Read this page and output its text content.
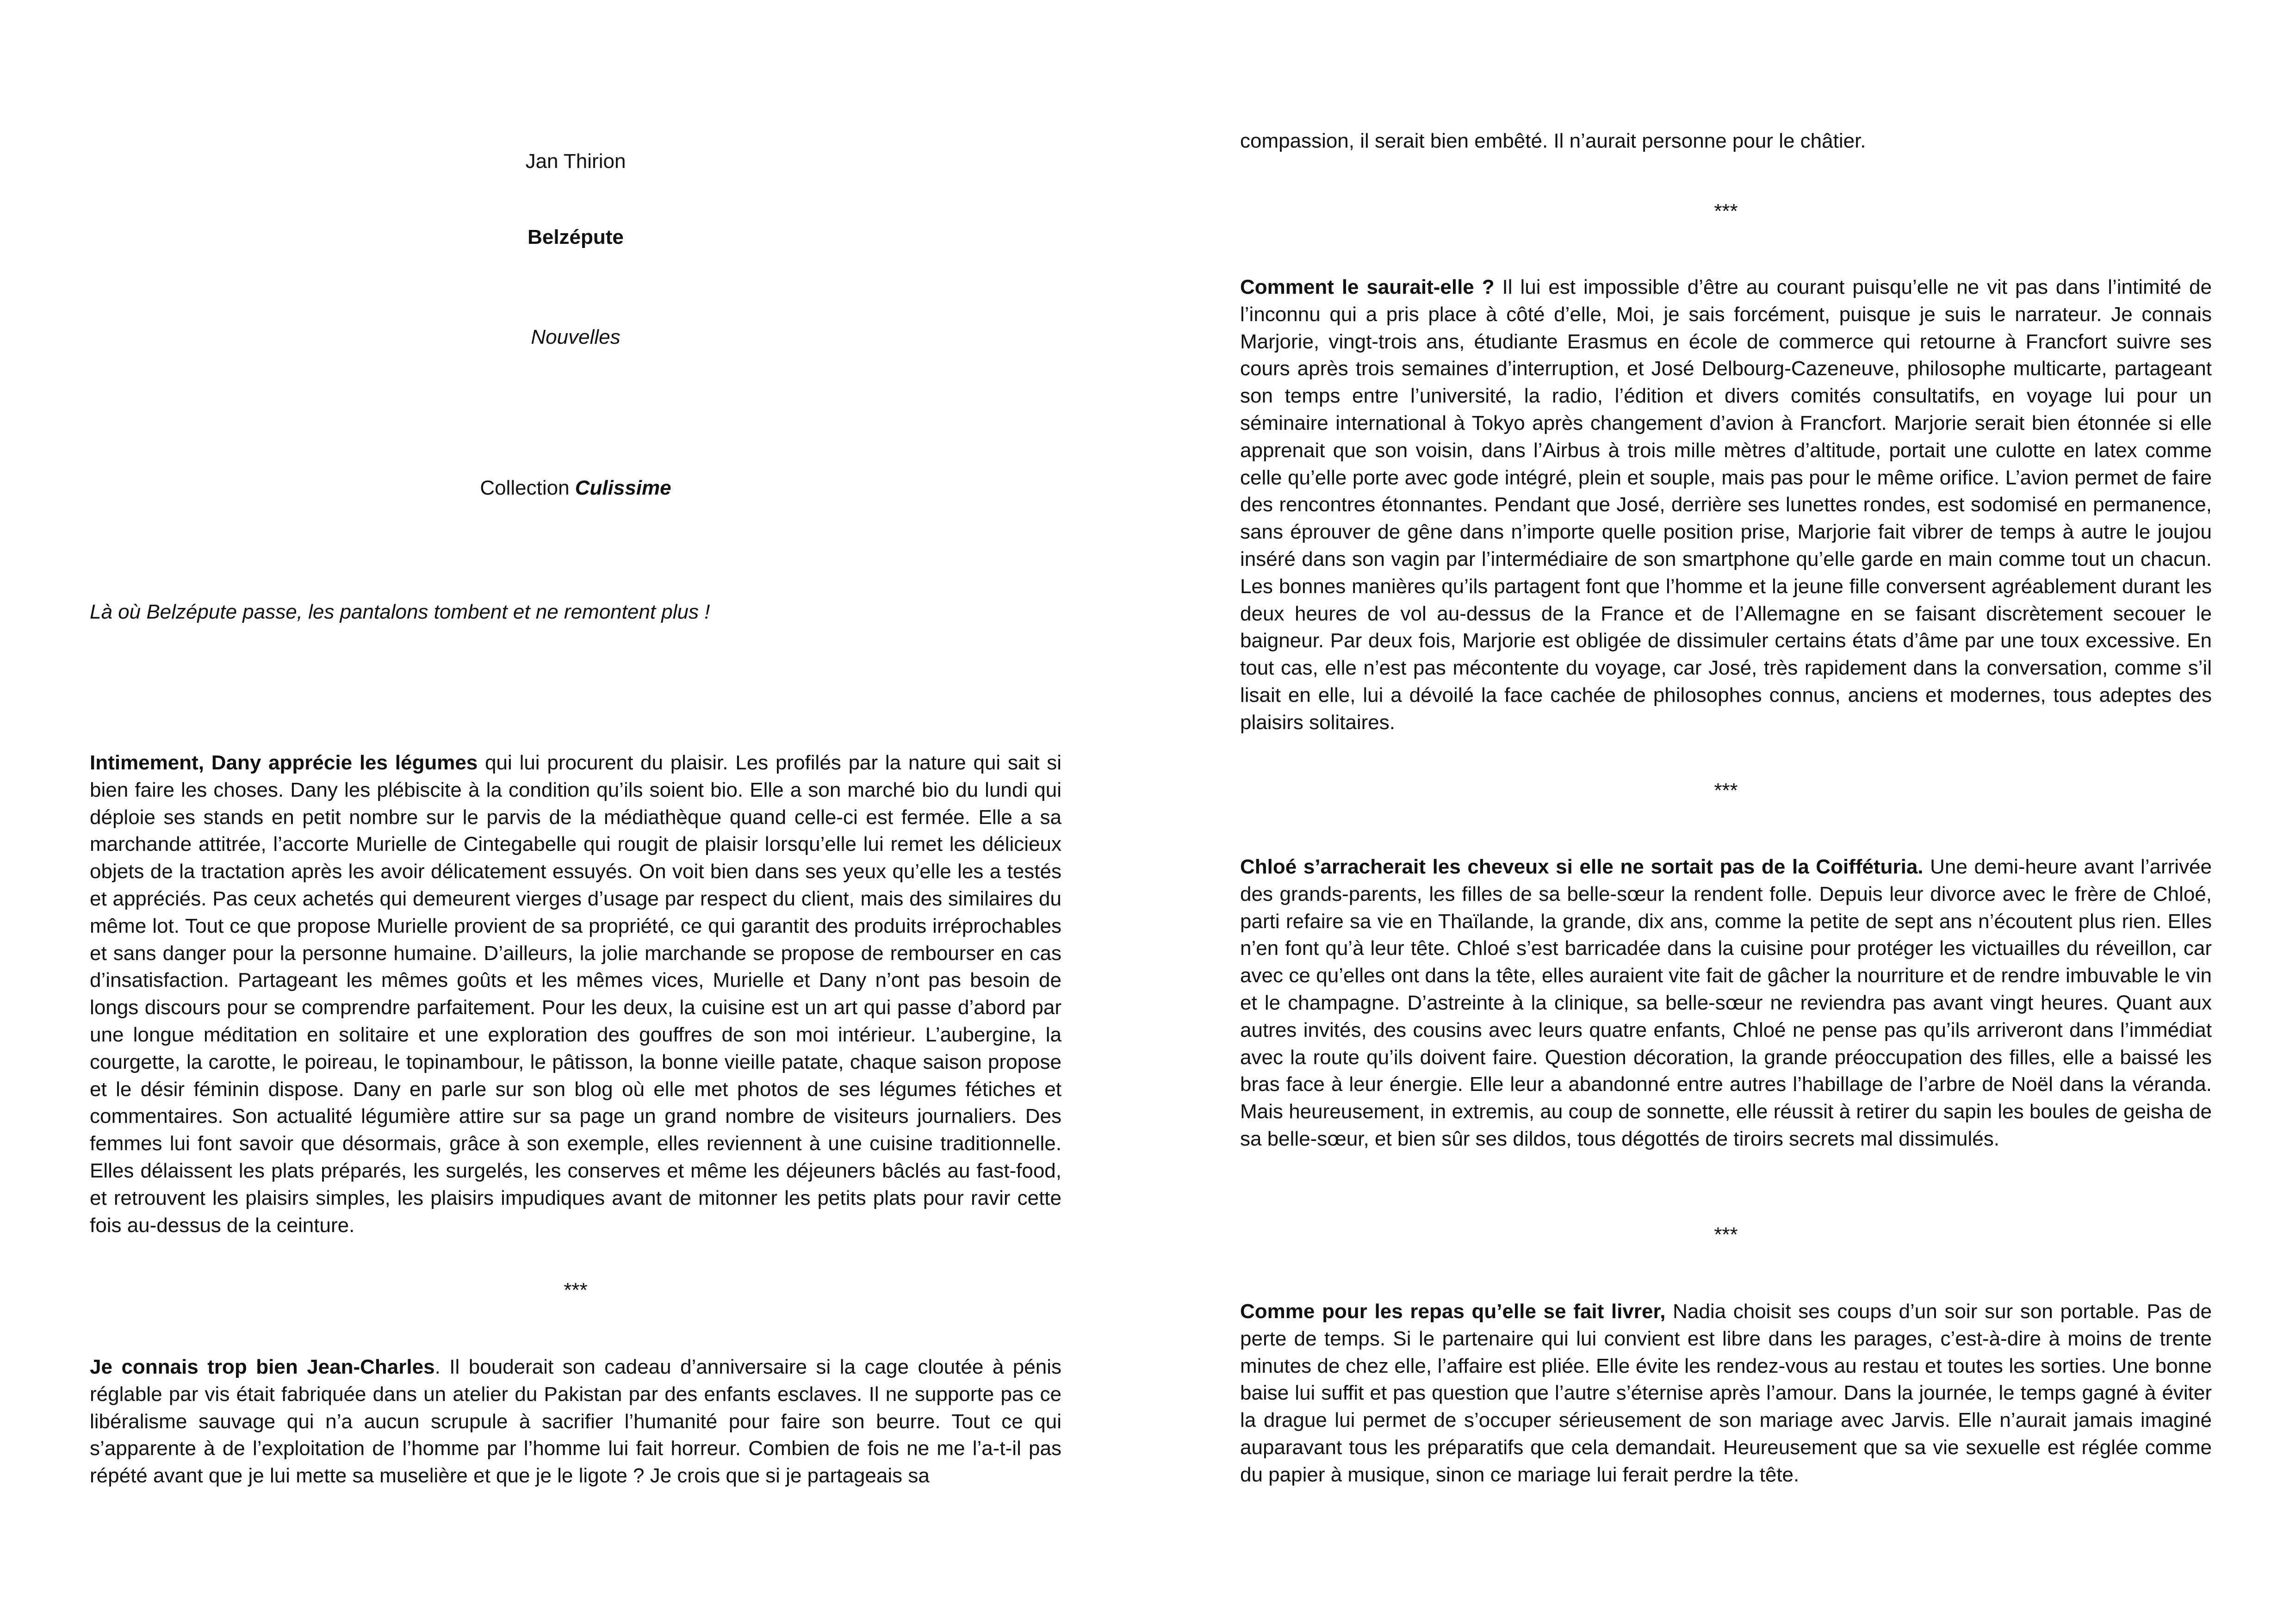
Jan Thirion

Belzépute

Nouvelles

Collection Culissime

Là où Belzépute passe, les pantalons tombent et ne remontent plus !

Intimement, Dany apprécie les légumes qui lui procurent du plaisir. Les profilés par la nature qui sait si bien faire les choses. Dany les plébiscite à la condition qu’ils soient bio. Elle a son marché bio du lundi qui déploie ses stands en petit nombre sur le parvis de la médiathèque quand celle-ci est fermée. Elle a sa marchande attitrée, l’accorte Murielle de Cintegabelle qui rougit de plaisir lorsqu’elle lui remet les délicieux objets de la tractation après les avoir délicatement essuyés. On voit bien dans ses yeux qu’elle les a testés et appréciés. Pas ceux achetés qui demeurent vierges d’usage par respect du client, mais des similaires du même lot. Tout ce que propose Murielle provient de sa propriété, ce qui garantit des produits irréprochables et sans danger pour la personne humaine. D’ailleurs, la jolie marchande se propose de rembourser en cas d’insatisfaction. Partageant les mêmes goûts et les mêmes vices, Murielle et Dany n’ont pas besoin de longs discours pour se comprendre parfaitement. Pour les deux, la cuisine est un art qui passe d’abord par une longue méditation en solitaire et une exploration des gouffres de son moi intérieur. L’aubergine, la courgette, la carotte, le poireau, le topinambour, le pâtisson, la bonne vieille patate, chaque saison propose et le désir féminin dispose. Dany en parle sur son blog où elle met photos de ses légumes fétiches et commentaires. Son actualité légumière attire sur sa page un grand nombre de visiteurs journaliers. Des femmes lui font savoir que désormais, grâce à son exemple, elles reviennent à une cuisine traditionnelle. Elles délaissent les plats préparés, les surgelés, les conserves et même les déjeuners bâclés au fast-food, et retrouvent les plaisirs simples, les plaisirs impudiques avant de mitonner les petits plats pour ravir cette fois au-dessus de la ceinture.

***

Je connais trop bien Jean-Charles. Il bouderait son cadeau d’anniversaire si la cage cloutée à pénis réglable par vis était fabriquée dans un atelier du Pakistan par des enfants esclaves. Il ne supporte pas ce libéralisme sauvage qui n’a aucun scrupule à sacrifier l’humanité pour faire son beurre. Tout ce qui s’apparente à de l’exploitation de l’homme par l’homme lui fait horreur. Combien de fois ne me l’a-t-il pas répété avant que je lui mette sa muselière et que je le ligote ? Je crois que si je partageais sa

compassion, il serait bien embêté. Il n’aurait personne pour le châtier.

***

Comment le saurait-elle ? Il lui est impossible d’être au courant puisqu’elle ne vit pas dans l’intimité de l’inconnu qui a pris place à côté d’elle, Moi, je sais forcément, puisque je suis le narrateur. Je connais Marjorie, vingt-trois ans, étudiante Erasmus en école de commerce qui retourne à Francfort suivre ses cours après trois semaines d’interruption, et José Delbourg-Cazeneuve, philosophe multicarte, partageant son temps entre l’université, la radio, l’édition et divers comités consultatifs, en voyage lui pour un séminaire international à Tokyo après changement d’avion à Francfort. Marjorie serait bien étonnée si elle apprenait que son voisin, dans l’Airbus à trois mille mètres d’altitude, portait une culotte en latex comme celle qu’elle porte avec gode intégré, plein et souple, mais pas pour le même orifice. L’avion permet de faire des rencontres étonnantes. Pendant que José, derrière ses lunettes rondes, est sodomisé en permanence, sans éprouver de gêne dans n’importe quelle position prise, Marjorie fait vibrer de temps à autre le joujou inséré dans son vagin par l’intermédiaire de son smartphone qu’elle garde en main comme tout un chacun. Les bonnes manières qu’ils partagent font que l’homme et la jeune fille conversent agréablement durant les deux heures de vol au-dessus de la France et de l’Allemagne en se faisant discrètement secouer le baigneur. Par deux fois, Marjorie est obligée de dissimuler certains états d’âme par une toux excessive. En tout cas, elle n’est pas mécontente du voyage, car José, très rapidement dans la conversation, comme s’il lisait en elle, lui a dévoilé la face cachée de philosophes connus, anciens et modernes, tous adeptes des plaisirs solitaires.

***

Chloé s’arracherait les cheveux si elle ne sortait pas de la Coifféturia. Une demi-heure avant l’arrivée des grands-parents, les filles de sa belle-sœur la rendent folle. Depuis leur divorce avec le frère de Chloé, parti refaire sa vie en Thaïlande, la grande, dix ans, comme la petite de sept ans n’écoutent plus rien. Elles n’en font qu’à leur tête. Chloé s’est barricadée dans la cuisine pour protéger les victuailles du réveillon, car avec ce qu’elles ont dans la tête, elles auraient vite fait de gâcher la nourriture et de rendre imbuvable le vin et le champagne. D’astreinte à la clinique, sa belle-sœur ne reviendra pas avant vingt heures. Quant aux autres invités, des cousins avec leurs quatre enfants, Chloé ne pense pas qu’ils arriveront dans l’immédiat avec la route qu’ils doivent faire. Question décoration, la grande préoccupation des filles, elle a baissé les bras face à leur énergie. Elle leur a abandonné entre autres l’habillage de l’arbre de Noël dans la véranda. Mais heureusement, in extremis, au coup de sonnette, elle réussit à retirer du sapin les boules de geisha de sa belle-sœur, et bien sûr ses dildos, tous dégottés de tiroirs secrets mal dissimulés.

***

Comme pour les repas qu’elle se fait livrer, Nadia choisit ses coups d’un soir sur son portable. Pas de perte de temps. Si le partenaire qui lui convient est libre dans les parages, c’est-à-dire à moins de trente minutes de chez elle, l’affaire est pliée. Elle évite les rendez-vous au restau et toutes les sorties. Une bonne baise lui suffit et pas question que l’autre s’éternise après l’amour. Dans la journée, le temps gagné à éviter la drague lui permet de s’occuper sérieusement de son mariage avec Jarvis. Elle n’aurait jamais imaginé auparavant tous les préparatifs que cela demandait. Heureusement que sa vie sexuelle est réglée comme du papier à musique, sinon ce mariage lui ferait perdre la tête.
